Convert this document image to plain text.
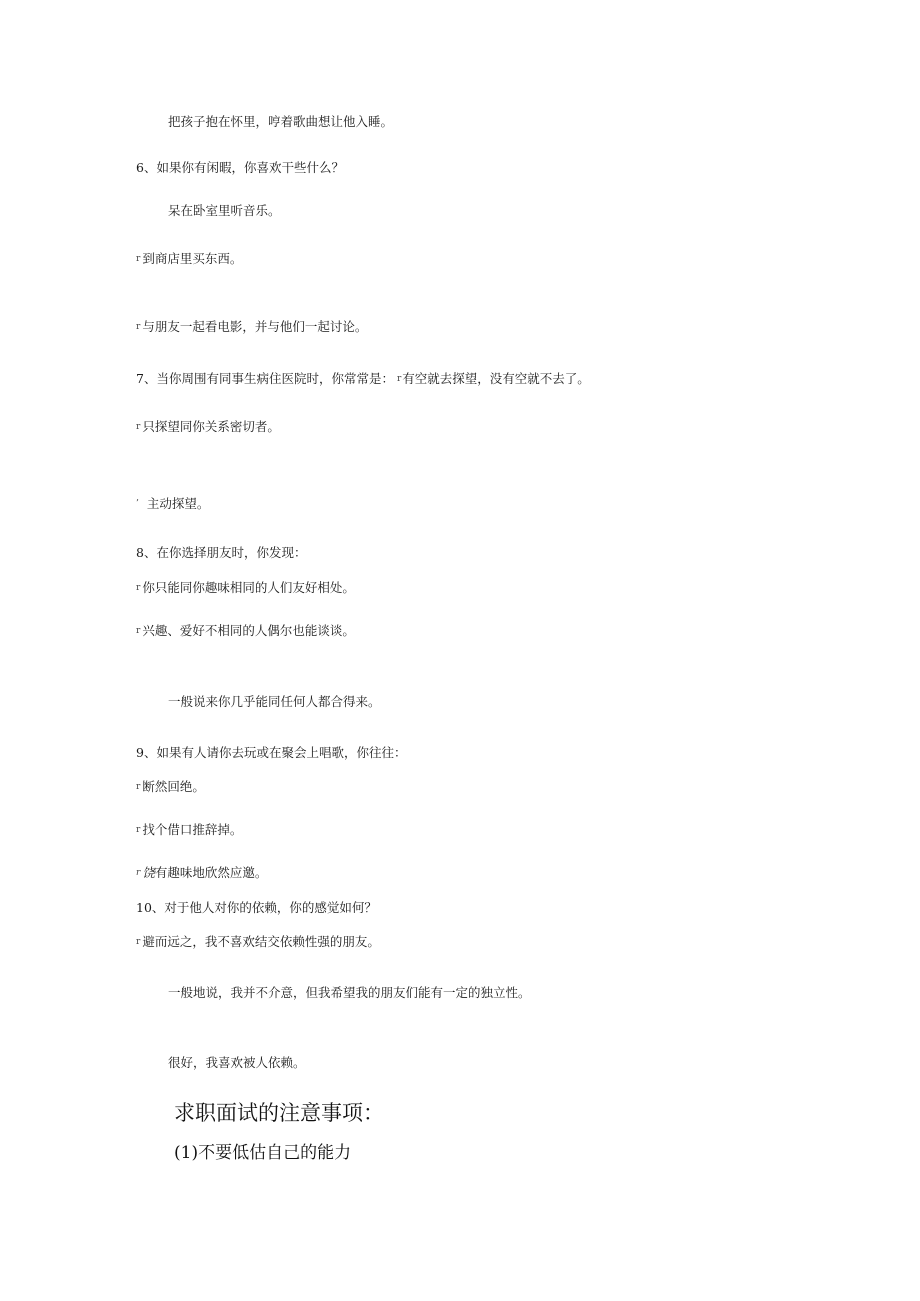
把孩子抱在怀里，哼着歌曲想让他入睡。
6、如果你有闲暇，你喜欢干些什么？
呆在卧室里听音乐。
r 到商店里买东西。
r 与朋友一起看电影，并与他们一起讨论。
7、当你周围有同事生病住医院时，你常常是： r有空就去探望，没有空就不去了。
r 只探望同你关系密切者。
’ 主动探望。
8、在你选择朋友时，你发现：
r 你只能同你趣味相同的人们友好相处。
r 兴趣、爱好不相同的人偶尔也能谈谈。
一般说来你几乎能同任何人都合得来。
9、如果有人请你去玩或在聚会上唱歌，你往往：
r 断然回绝。
r 找个借口推辞掉。
r 饶有趣味地欣然应邀。
10、对于他人对你的依赖，你的感觉如何？
r 避而远之，我不喜欢结交依赖性强的朋友。
一般地说，我并不介意，但我希望我的朋友们能有一定的独立性。
很好，我喜欢被人依赖。
求职面试的注意事项：
(1)不要低估自己的能力
